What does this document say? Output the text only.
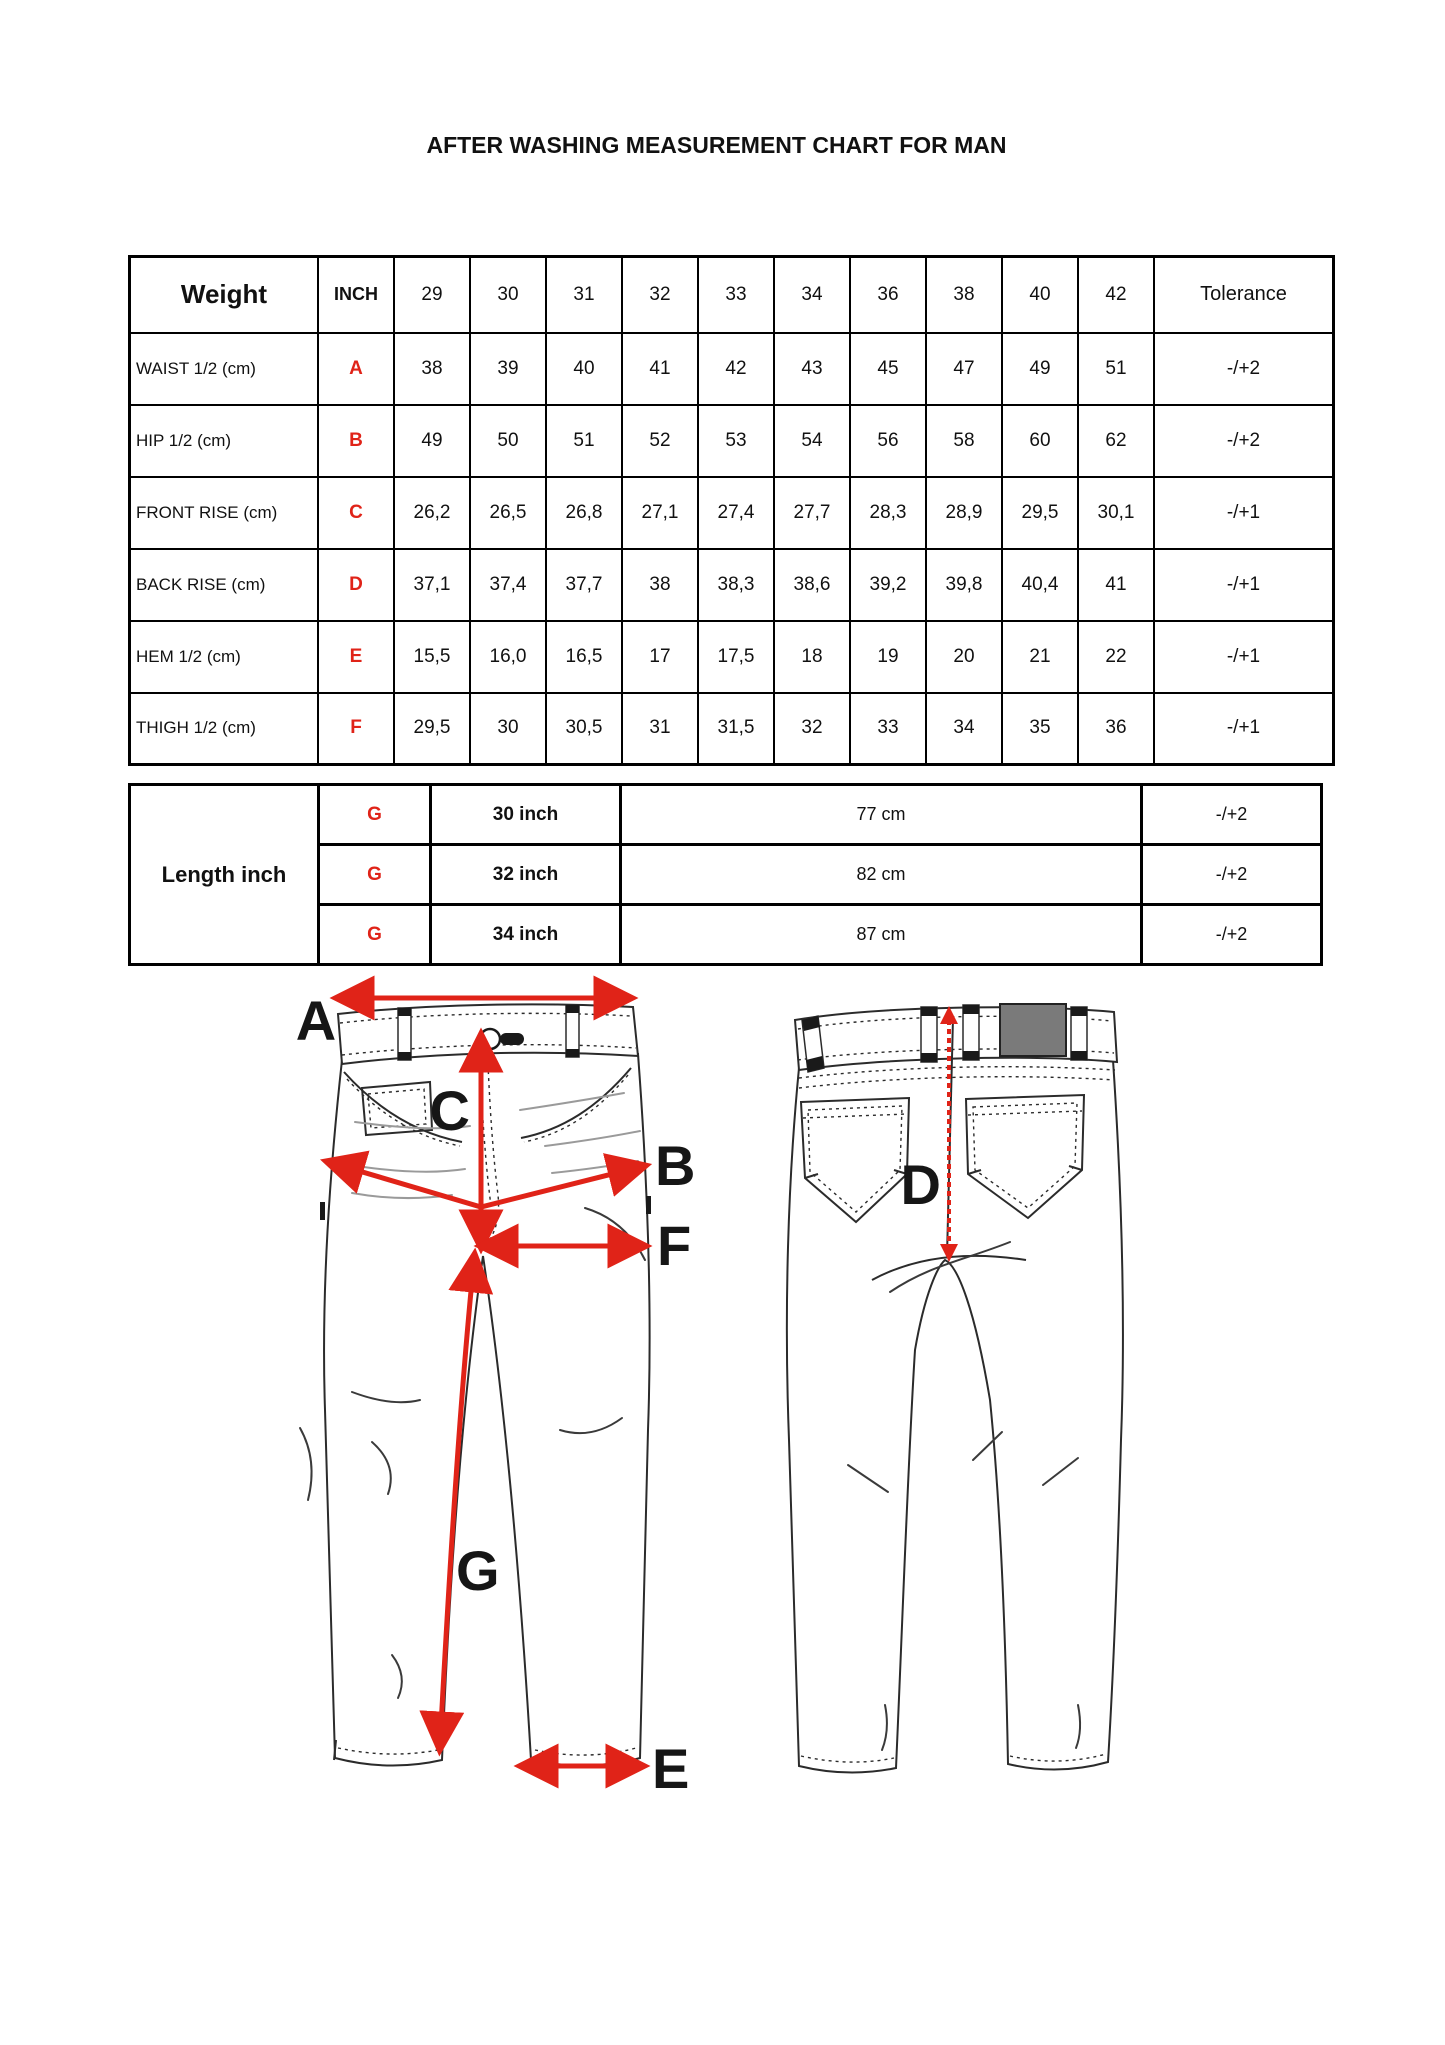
AFTER WASHING MEASUREMENT CHART FOR MAN
Weight	INCH	29	30	31	32	33	34	36	38	40	42	Tolerance
WAIST 1/2 (cm)	A	38	39	40	41	42	43	45	47	49	51	-/+2
HIP 1/2 (cm)	B	49	50	51	52	53	54	56	58	60	62	-/+2
FRONT RISE (cm)	C	26,2	26,5	26,8	27,1	27,4	27,7	28,3	28,9	29,5	30,1	-/+1
BACK RISE (cm)	D	37,1	37,4	37,7	38	38,3	38,6	39,2	39,8	40,4	41	-/+1
HEM 1/2 (cm)	E	15,5	16,0	16,5	17	17,5	18	19	20	21	22	-/+1
THIGH 1/2 (cm)	F	29,5	30	30,5	31	31,5	32	33	34	35	36	-/+1
Length inch	G	30 inch	77 cm	-/+2
	G	32 inch	82 cm	-/+2
	G	34 inch	87 cm	-/+2
A
C
B
F
G
E
D
